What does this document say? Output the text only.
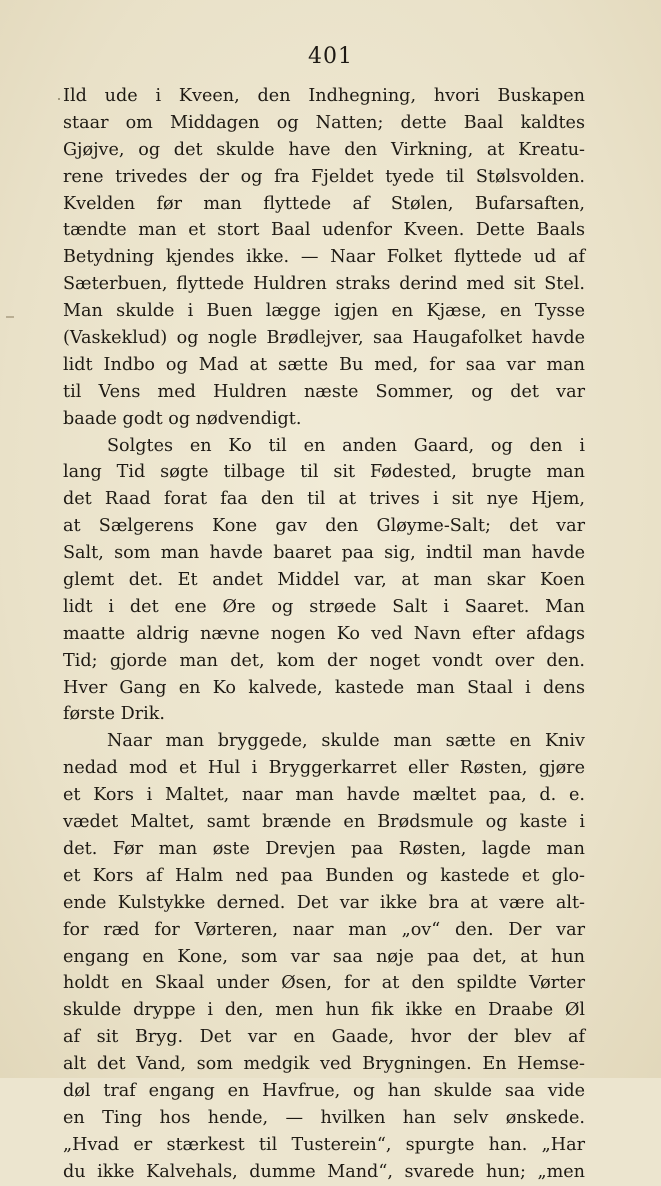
401
Ild ude i Kveen, den Indhegning, hvori Buskapen
staar om Middagen og Natten; dette Baal kaldtes
Gjøjve, og det skulde have den Virkning, at Kreatu-
rene trivedes der og fra Fjeldet tyede til Stølsvolden.
Kvelden før man flyttede af Stølen, Bufarsaften,
tændte man et stort Baal udenfor Kveen. Dette Baals
Betydning kjendes ikke. — Naar Folket flyttede ud af
Sæterbuen, flyttede Huldren straks derind med sit Stel.
Man skulde i Buen lægge igjen en Kjæse, en Tysse
(Vaskeklud) og nogle Brødlejver, saa Haugafolket havde
lidt Indbo og Mad at sætte Bu med, for saa var man
til Vens med Huldren næste Sommer, og det var
baade godt og nødvendigt.
Solgtes en Ko til en anden Gaard, og den i
lang Tid søgte tilbage til sit Fødested, brugte man
det Raad forat faa den til at trives i sit nye Hjem,
at Sælgerens Kone gav den Gløyme-Salt; det var
Salt, som man havde baaret paa sig, indtil man havde
glemt det. Et andet Middel var, at man skar Koen
lidt i det ene Øre og strøede Salt i Saaret. Man
maatte aldrig nævne nogen Ko ved Navn efter afdags
Tid; gjorde man det, kom der noget vondt over den.
Hver Gang en Ko kalvede, kastede man Staal i dens
første Drik.
Naar man bryggede, skulde man sætte en Kniv
nedad mod et Hul i Bryggerkarret eller Røsten, gjøre
et Kors i Maltet, naar man havde mæltet paa, d. e.
vædet Maltet, samt brænde en Brødsmule og kaste i
det. Før man øste Drevjen paa Røsten, lagde man
et Kors af Halm ned paa Bunden og kastede et glo-
ende Kulstykke derned. Det var ikke bra at være alt-
for ræd for Vørteren, naar man „ov“ den. Der var
engang en Kone, som var saa nøje paa det, at hun
holdt en Skaal under Øsen, for at den spildte Vørter
skulde dryppe i den, men hun fik ikke en Draabe Øl
af sit Bryg. Det var en Gaade, hvor der blev af
alt det Vand, som medgik ved Brygningen. En Hemse-
døl traf engang en Havfrue, og han skulde saa vide
en Ting hos hende, — hvilken han selv ønskede.
„Hvad er stærkest til Tusterein“, spurgte han. „Har
du ikke Kalvehals, dumme Mand“, svarede hun; „men
